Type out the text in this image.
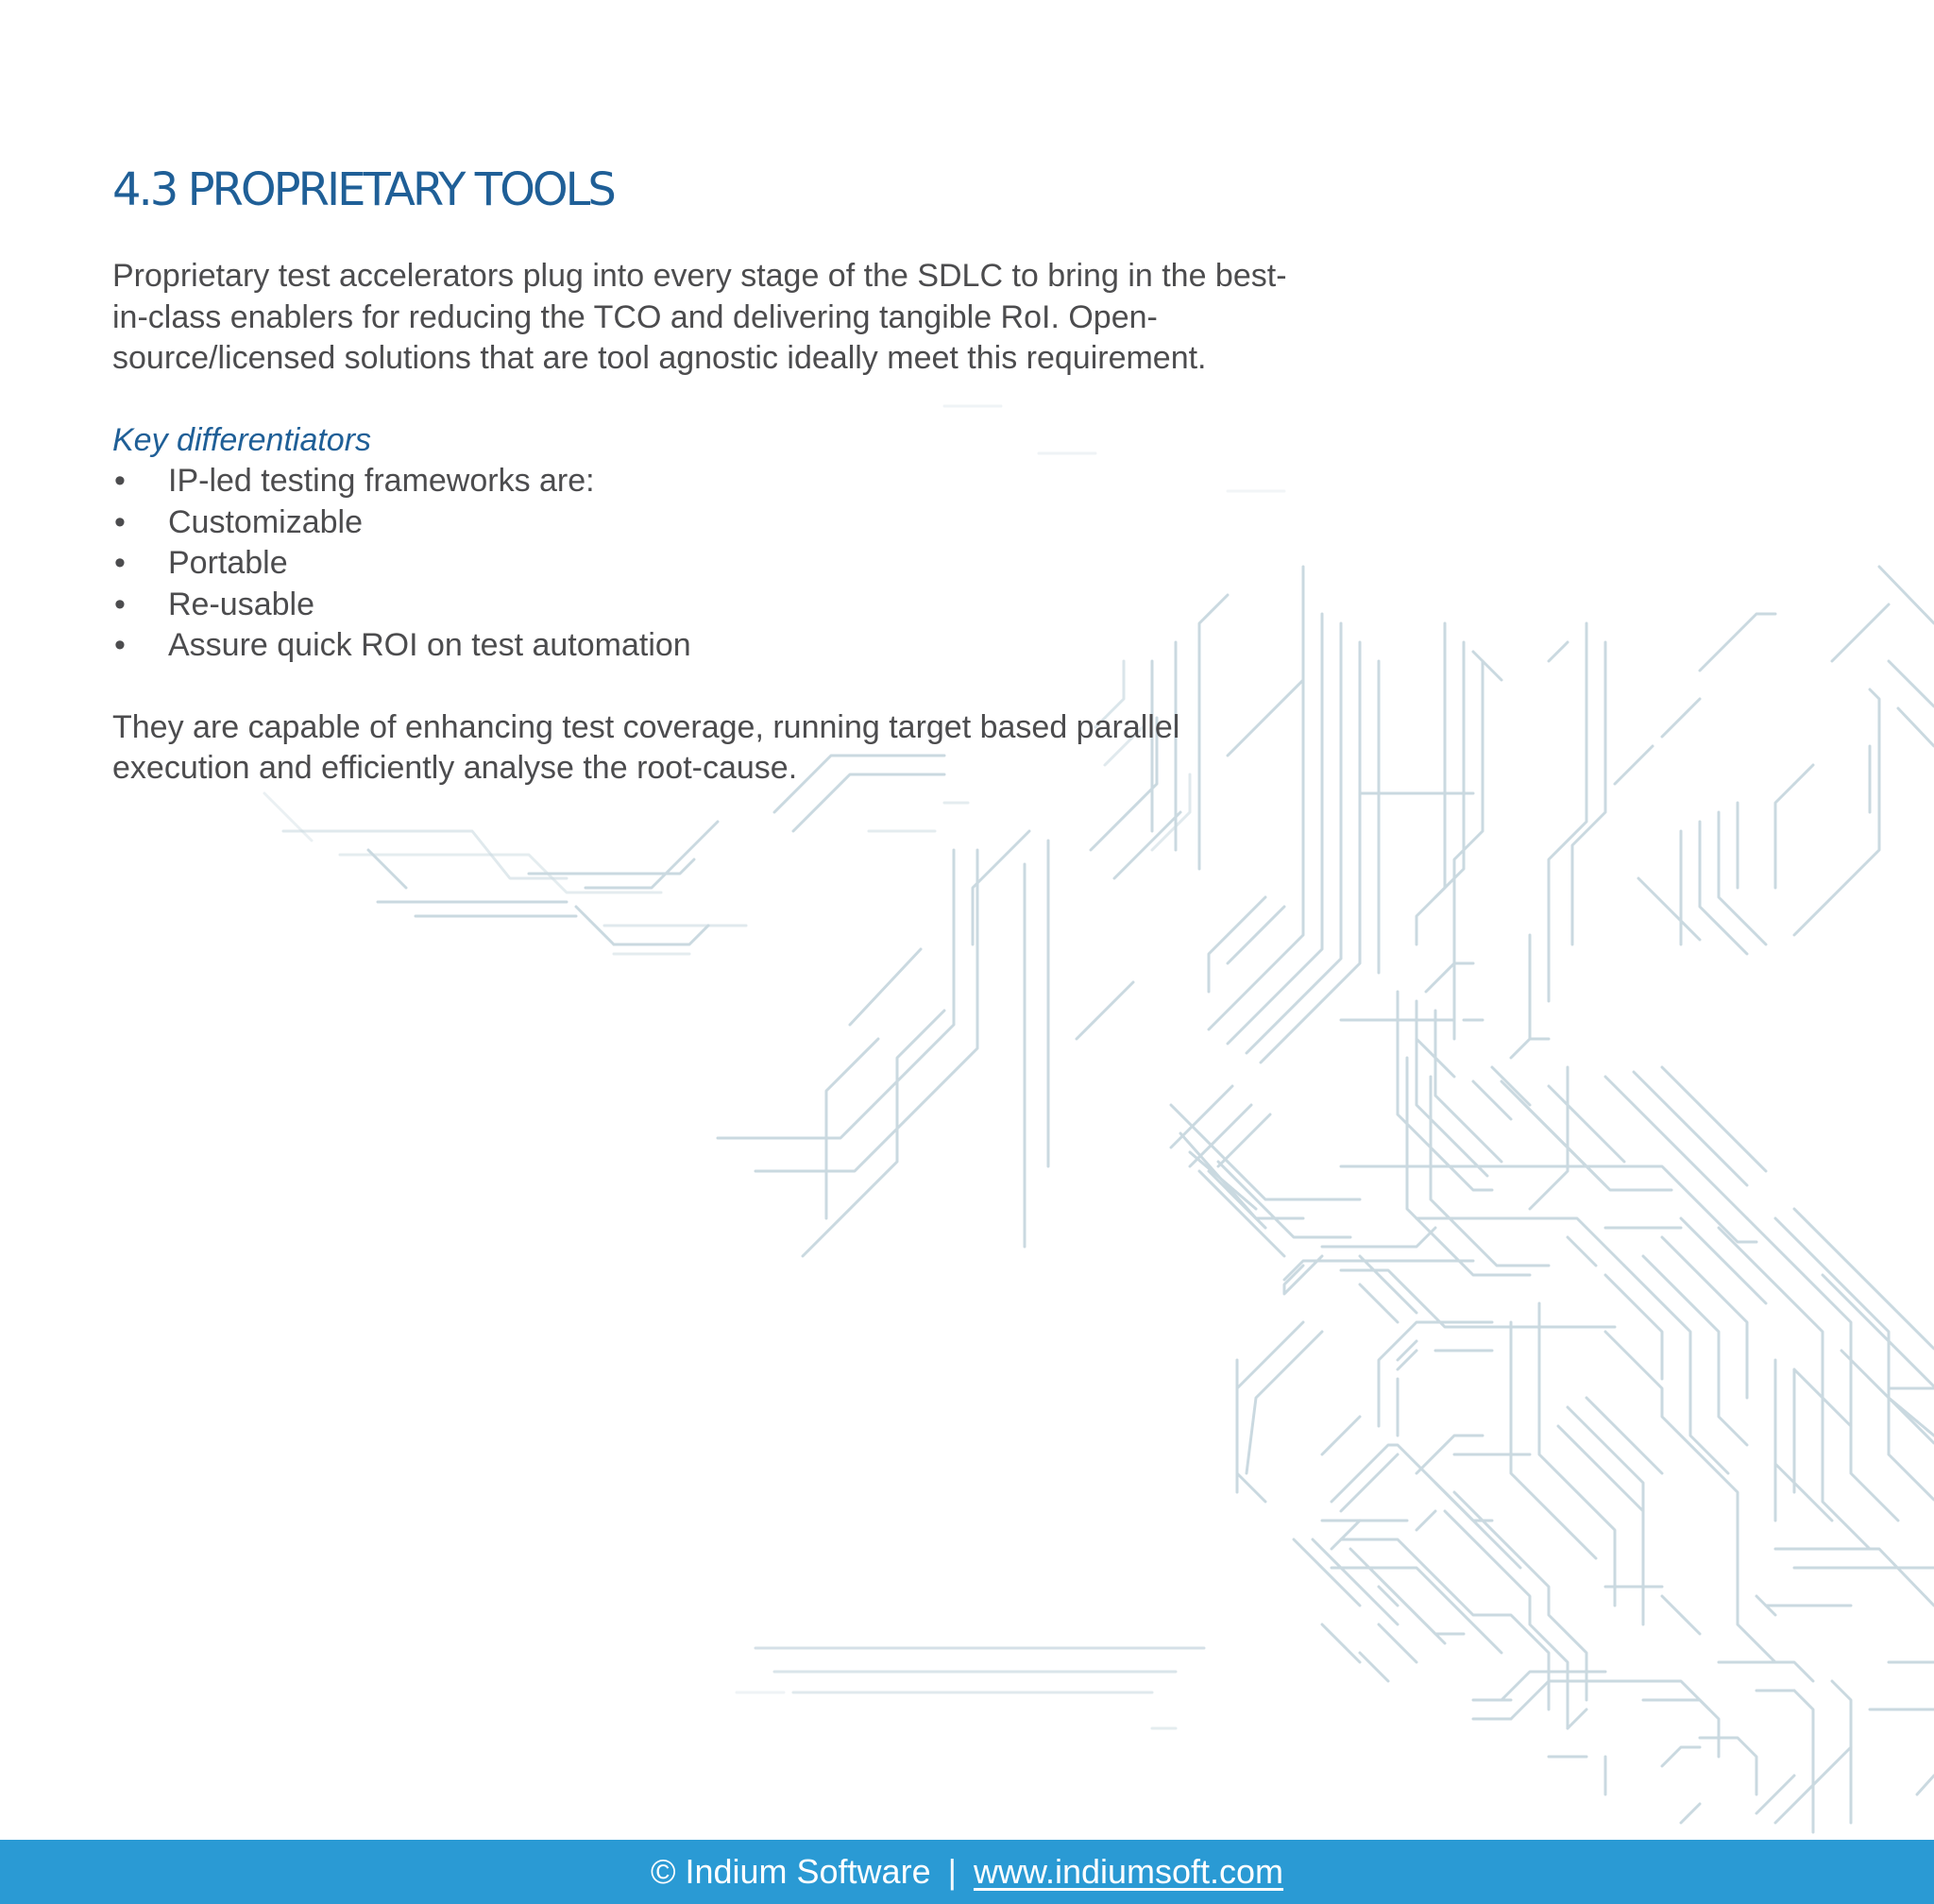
4.3 PROPRIETARY TOOLS

Proprietary test accelerators plug into every stage of the SDLC to bring in the best-in-class enablers for reducing the TCO and delivering tangible RoI. Open-source/licensed solutions that are tool agnostic ideally meet this requirement.

Key differentiators

• IP-led testing frameworks are:
• Customizable
• Portable
• Re-usable
• Assure quick ROI on test automation

They are capable of enhancing test coverage, running target based parallel execution and efficiently analyse the root-cause.

© Indium Software | www.indiumsoft.com
